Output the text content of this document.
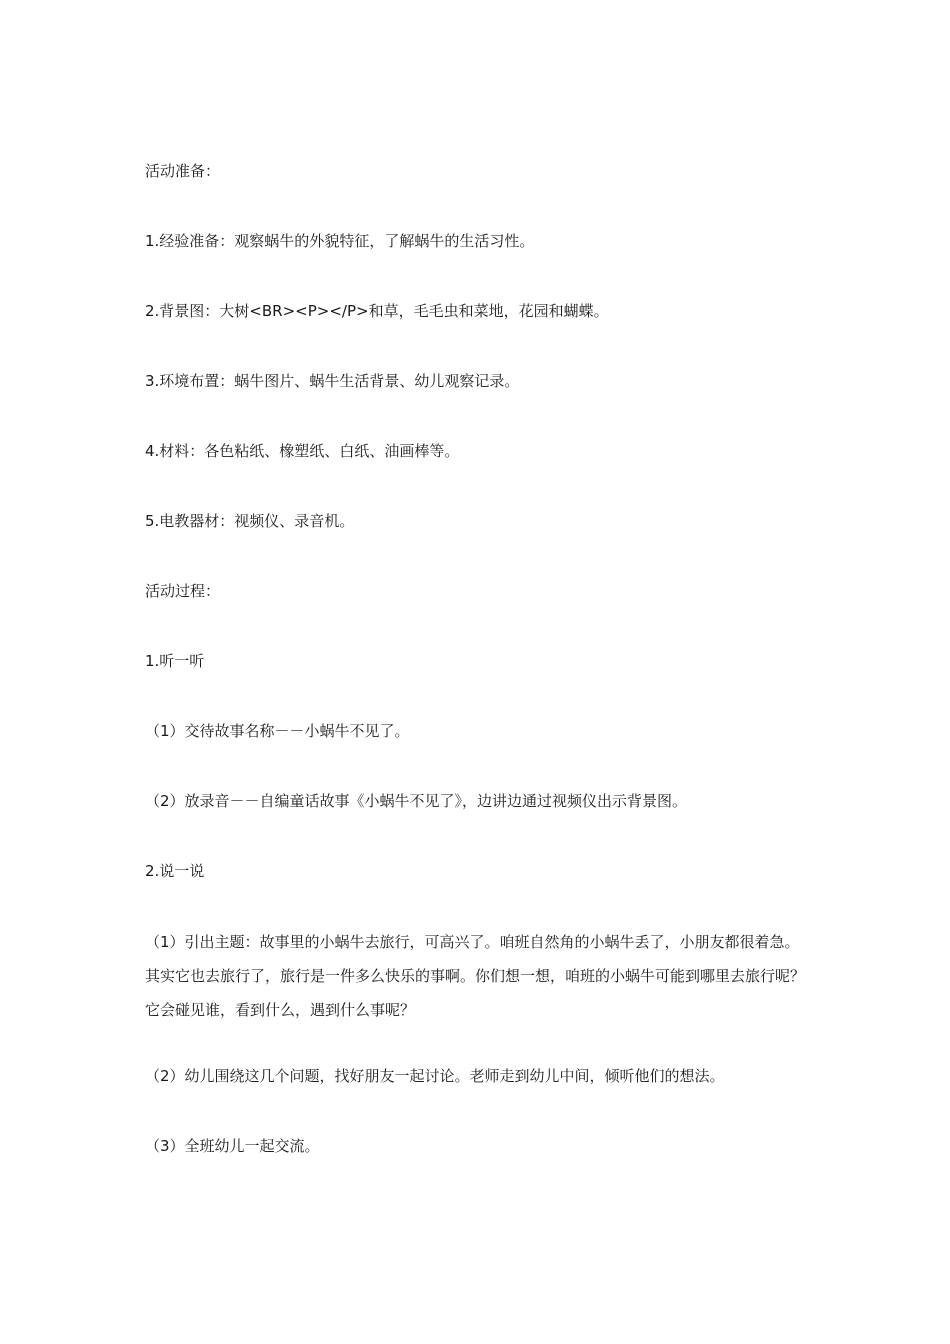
活动准备：

1.经验准备：观察蜗牛的外貌特征，了解蜗牛的生活习性。

2.背景图：大树<BR><P></P>和草，毛毛虫和菜地，花园和蝴蝶。

3.环境布置：蜗牛图片、蜗牛生活背景、幼儿观察记录。

4.材料：各色粘纸、橡塑纸、白纸、油画棒等。

5.电教器材：视频仪、录音机。

活动过程：

1.听一听

（1）交待故事名称－－小蜗牛不见了。

（2）放录音－－自编童话故事《小蜗牛不见了》，边讲边通过视频仪出示背景图。

2.说一说

（1）引出主题：故事里的小蜗牛去旅行，可高兴了。咱班自然角的小蜗牛丢了，小朋友都很着急。其实它也去旅行了，旅行是一件多么快乐的事啊。你们想一想，咱班的小蜗牛可能到哪里去旅行呢？它会碰见谁，看到什么，遇到什么事呢？

（2）幼儿围绕这几个问题，找好朋友一起讨论。老师走到幼儿中间，倾听他们的想法。

（3）全班幼儿一起交流。
